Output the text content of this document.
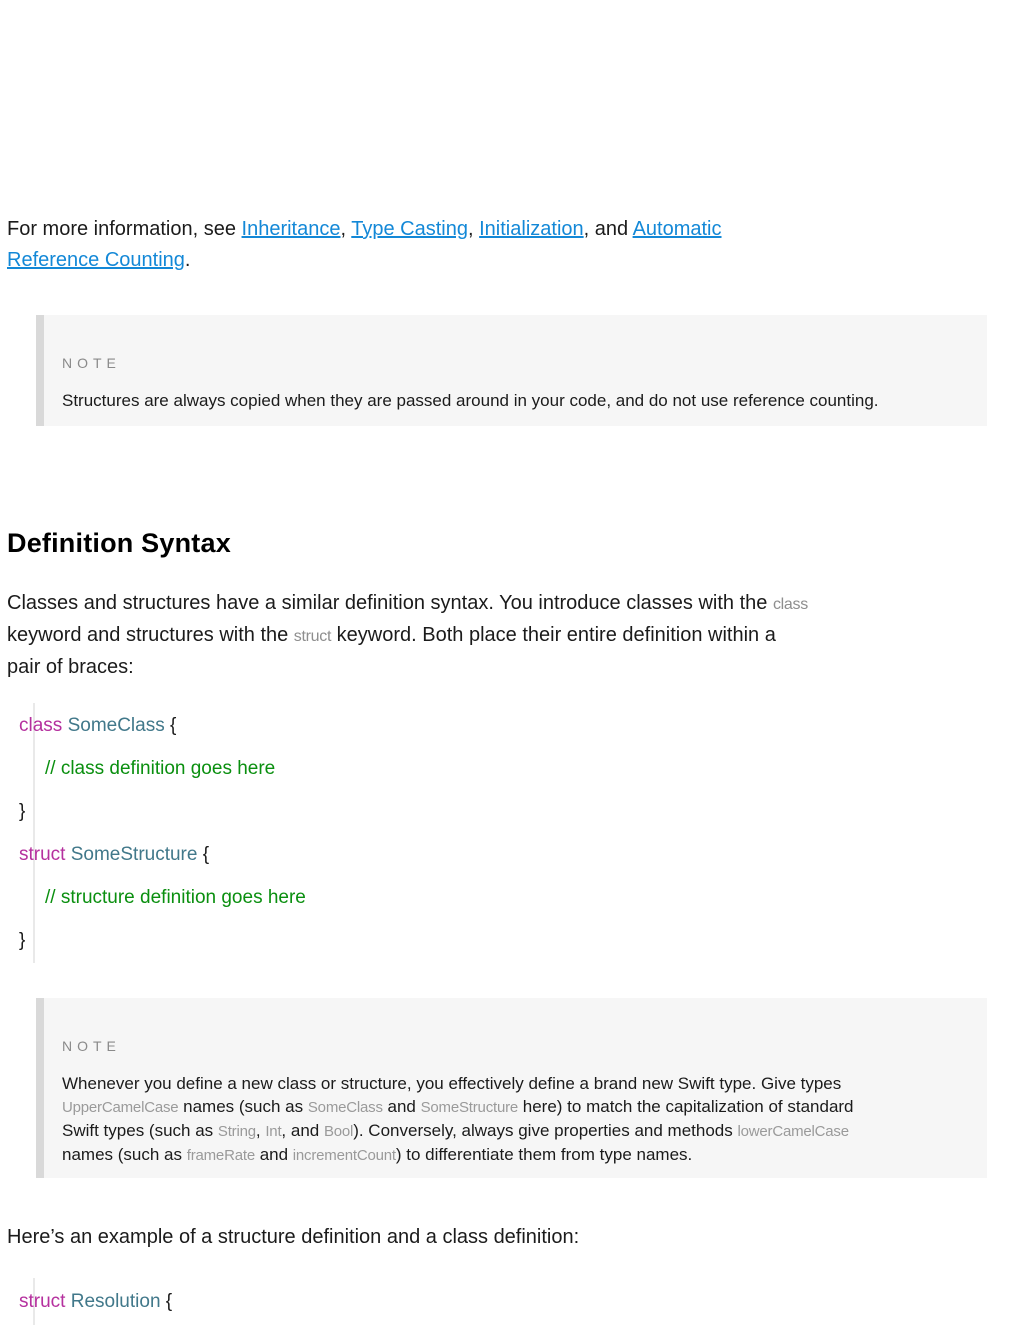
For more information, see Inheritance, Type Casting, Initialization, and Automatic
Reference Counting.
NOTE
Structures are always copied when they are passed around in your code, and do not use reference counting.
Definition Syntax
Classes and structures have a similar definition syntax. You introduce classes with the class
keyword and structures with the struct keyword. Both place their entire definition within a
pair of braces:
class SomeClass {
// class definition goes here
}
struct SomeStructure {
// structure definition goes here
}
NOTE
Whenever you define a new class or structure, you effectively define a brand new Swift type. Give types
UpperCamelCase names (such as SomeClass and SomeStructure here) to match the capitalization of standard
Swift types (such as String, Int, and Bool). Conversely, always give properties and methods lowerCamelCase
names (such as frameRate and incrementCount) to differentiate them from type names.
Here’s an example of a structure definition and a class definition:
struct Resolution {
